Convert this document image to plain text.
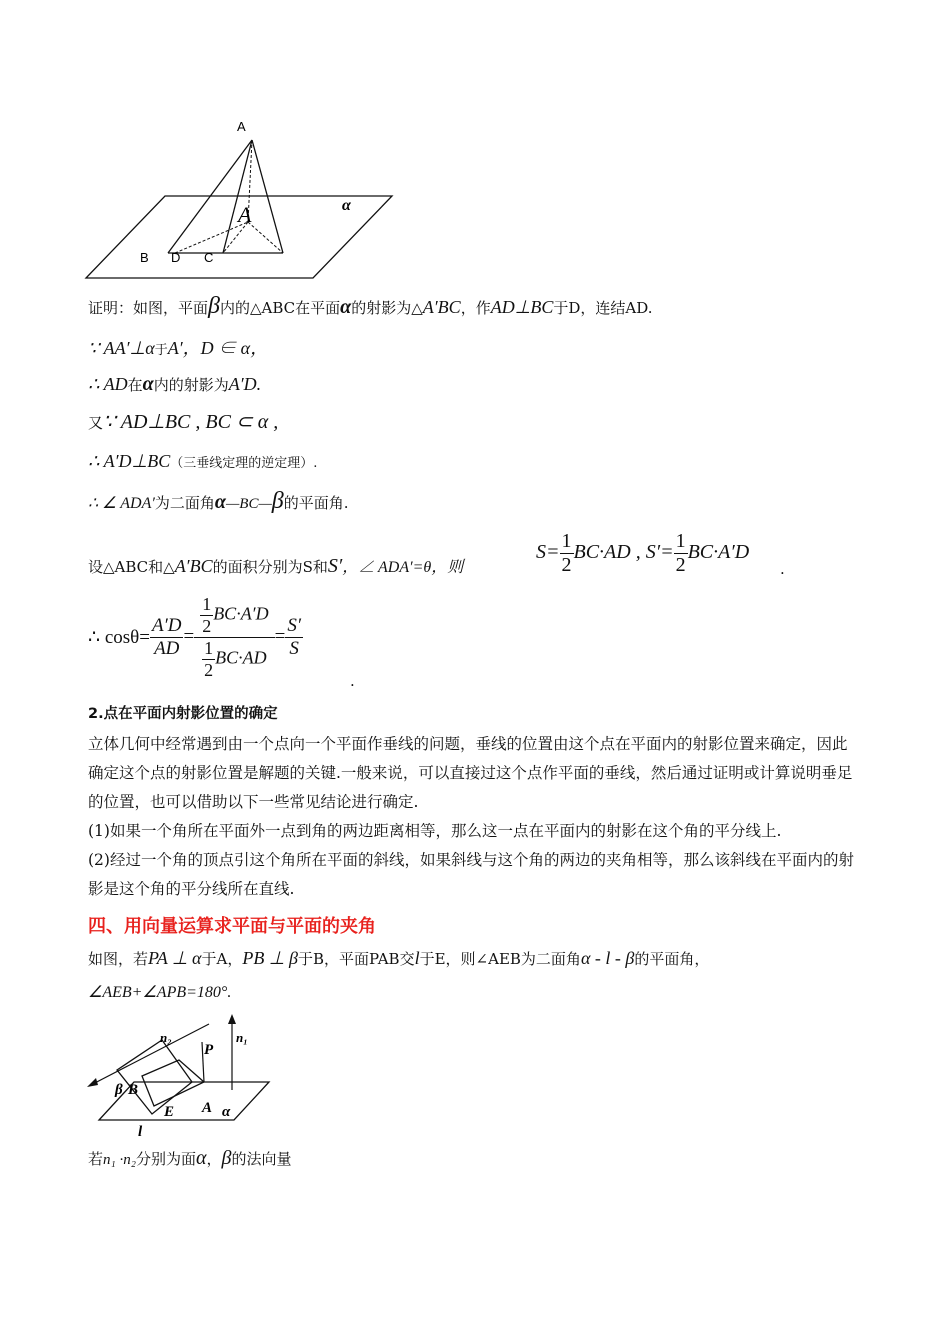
A
A
B D C
α
证明：如图，平面β内的△ABC在平面α的射影为△A′BC，作AD⊥BC于D，连结AD.
∵ AA′⊥α于A′，D ∈ α，
∴ AD在α内的射影为A′D.
又∵ AD⊥BC , BC ⊂ α ,
∴ A′D⊥BC（三垂线定理的逆定理）.
∴ ∠ ADA′为二面角α—BC—β的平面角.
设△ABC和△A′BC的面积分别为S和S′，∠ ADA′=θ，则
$S= \frac{1}{2} BC\cdot AD$ , $S'= \frac{1}{2} BC\cdot A'D$
.
∴ $\cos\theta= \frac{A'D}{AD} = \frac{\frac{1}{2} BC\cdot A'D}{\frac{1}{2} BC\cdot AD} = \frac{S'}{S}$
.
2.点在平面内射影位置的确定
立体几何中经常遇到由一个点向一个平面作垂线的问题，垂线的位置由这个点在平面内的射影位置来确定，因此确定这个点的射影位置是解题的关键.一般来说，可以直接过这个点作平面的垂线，然后通过证明或计算说明垂足的位置，也可以借助以下一些常见结论进行确定.
(1)如果一个角所在平面外一点到角的两边距离相等，那么这一点在平面内的射影在这个角的平分线上.
(2)经过一个角的顶点引这个角所在平面的斜线，如果斜线与这个角的两边的夹角相等，那么该斜线在平面内的射影是这个角的平分线所在直线.
四、用向量运算求平面与平面的夹角
如图，若PA ⊥ α于A，PB ⊥ β于B，平面PAB交l于E，则∠AEB为二面角α - l - β的平面角，
∠AEB+∠APB=180°.
n₂	n₁
P
β B
E A α
l
若n₁ ·n₂分别为面α，β的法向量
